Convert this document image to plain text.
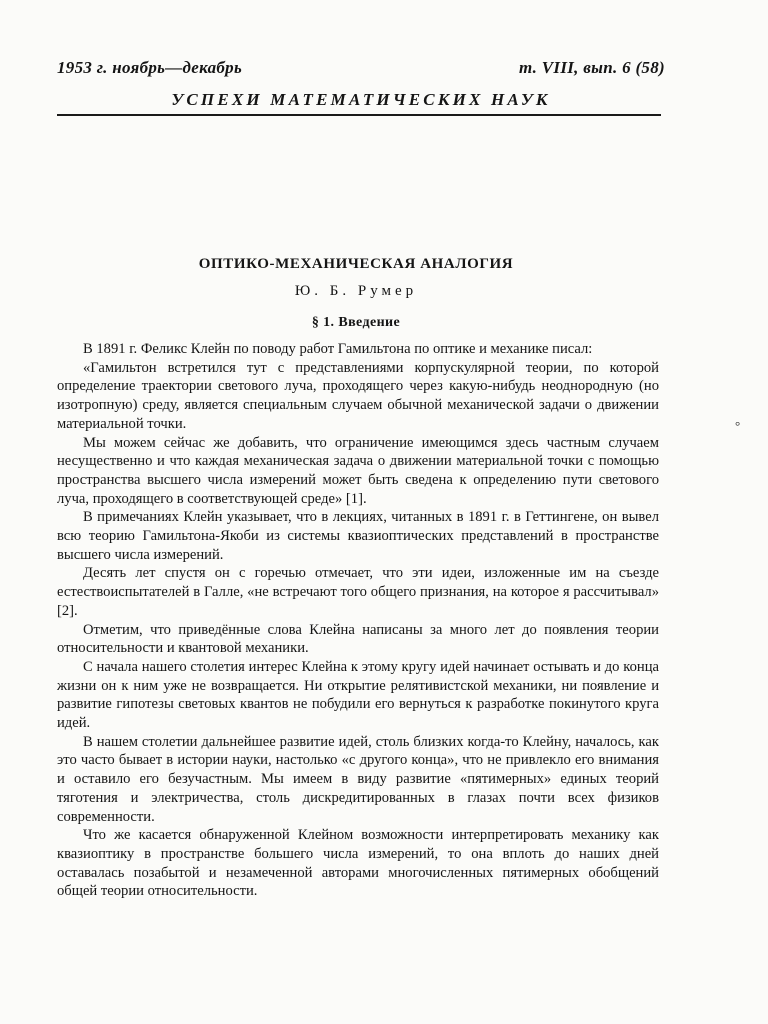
1953 г. ноябрь—декабрь	т. VIII, вып. 6 (58)
УСПЕХИ МАТЕМАТИЧЕСКИХ НАУК
ОПТИКО-МЕХАНИЧЕСКАЯ АНАЛОГИЯ
Ю. Б. Румер
§ 1. Введение

В 1891 г. Феликс Клейн по поводу работ Гамильтона по оптике и механике писал:

«Гамильтон встретился тут с представлениями корпускулярной теории, по которой определение траектории светового луча, проходящего через какую-нибудь неоднородную (но изотропную) среду, является специальным случаем обычной механической задачи о движении материальной точки.

Мы можем сейчас же добавить, что ограничение имеющимся здесь частным случаем несущественно и что каждая механическая задача о движении материальной точки с помощью пространства высшего числа измерений может быть сведена к определению пути светового луча, проходящего в соответствующей среде» [1].

В примечаниях Клейн указывает, что в лекциях, читанных в 1891 г. в Геттингене, он вывел всю теорию Гамильтона-Якоби из системы квазиоптических представлений в пространстве высшего числа измерений.

Десять лет спустя он с горечью отмечает, что эти идеи, изложенные им на съезде естествоиспытателей в Галле, «не встречают того общего признания, на которое я рассчитывал» [2].

Отметим, что приведённые слова Клейна написаны за много лет до появления теории относительности и квантовой механики.

С начала нашего столетия интерес Клейна к этому кругу идей начинает остывать и до конца жизни он к ним уже не возвращается. Ни открытие релятивистской механики, ни появление и развитие гипотезы световых квантов не побудили его вернуться к разработке покинутого круга идей.

В нашем столетии дальнейшее развитие идей, столь близких когда-то Клейну, началось, как это часто бывает в истории науки, настолько «с другого конца», что не привлекло его внимания и оставило его безучастным. Мы имеем в виду развитие «пятимерных» единых теорий тяготения и электричества, столь дискредитированных в глазах почти всех физиков современности.

Что же касается обнаруженной Клейном возможности интерпретировать механику как квазиоптику в пространстве большего числа измерений, то она вплоть до наших дней оставалась позабытой и незамеченной авторами многочисленных пятимерных обобщений общей теории относительности.

°
